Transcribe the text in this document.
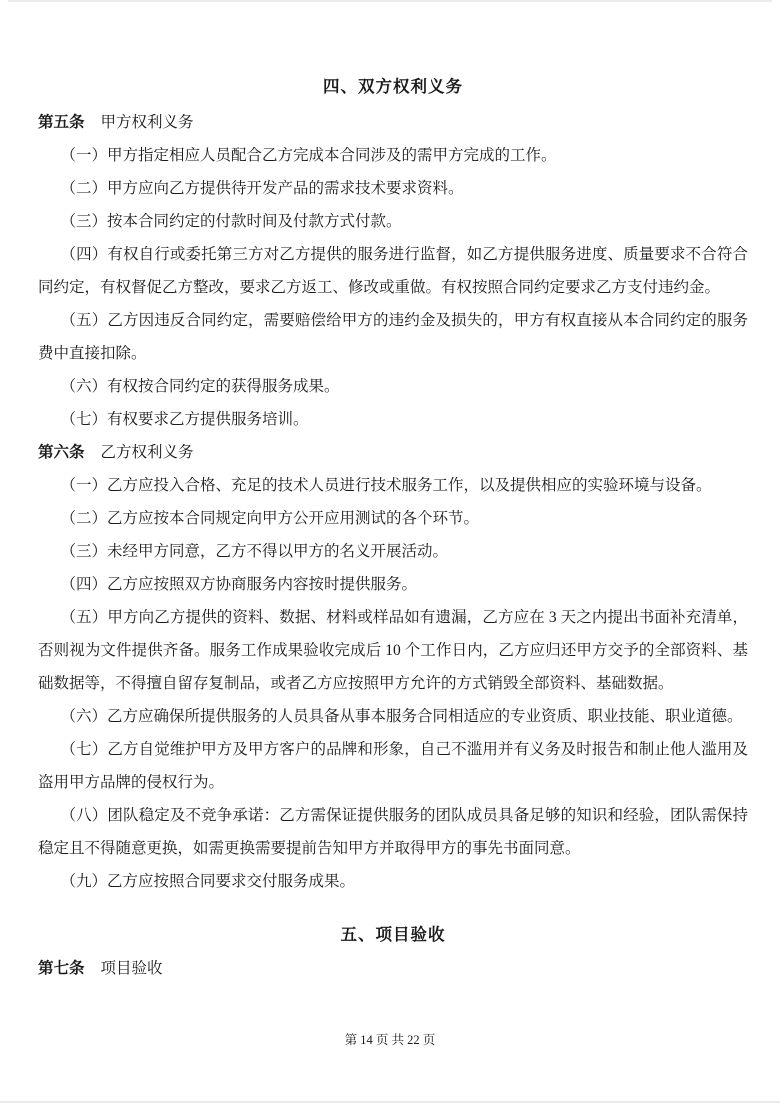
四、双方权利义务

第五条 甲方权利义务

（一）甲方指定相应人员配合乙方完成本合同涉及的需甲方完成的工作。

（二）甲方应向乙方提供待开发产品的需求技术要求资料。

（三）按本合同约定的付款时间及付款方式付款。

（四）有权自行或委托第三方对乙方提供的服务进行监督，如乙方提供服务进度、质量要求不合符合同约定，有权督促乙方整改，要求乙方返工、修改或重做。有权按照合同约定要求乙方支付违约金。

（五）乙方因违反合同约定，需要赔偿给甲方的违约金及损失的，甲方有权直接从本合同约定的服务费中直接扣除。

（六）有权按合同约定的获得服务成果。

（七）有权要求乙方提供服务培训。

第六条 乙方权利义务

（一）乙方应投入合格、充足的技术人员进行技术服务工作，以及提供相应的实验环境与设备。

（二）乙方应按本合同规定向甲方公开应用测试的各个环节。

（三）未经甲方同意，乙方不得以甲方的名义开展活动。

（四）乙方应按照双方协商服务内容按时提供服务。

（五）甲方向乙方提供的资料、数据、材料或样品如有遗漏，乙方应在 3 天之内提出书面补充清单，否则视为文件提供齐备。服务工作成果验收完成后 10 个工作日内，乙方应归还甲方交予的全部资料、基础数据等，不得擅自留存复制品，或者乙方应按照甲方允许的方式销毁全部资料、基础数据。

（六）乙方应确保所提供服务的人员具备从事本服务合同相适应的专业资质、职业技能、职业道德。

（七）乙方自觉维护甲方及甲方客户的品牌和形象，自己不滥用并有义务及时报告和制止他人滥用及盗用甲方品牌的侵权行为。

（八）团队稳定及不竞争承诺：乙方需保证提供服务的团队成员具备足够的知识和经验，团队需保持稳定且不得随意更换，如需更换需要提前告知甲方并取得甲方的事先书面同意。

（九）乙方应按照合同要求交付服务成果。

五、项目验收

第七条 项目验收

第 14 页 共 22 页
